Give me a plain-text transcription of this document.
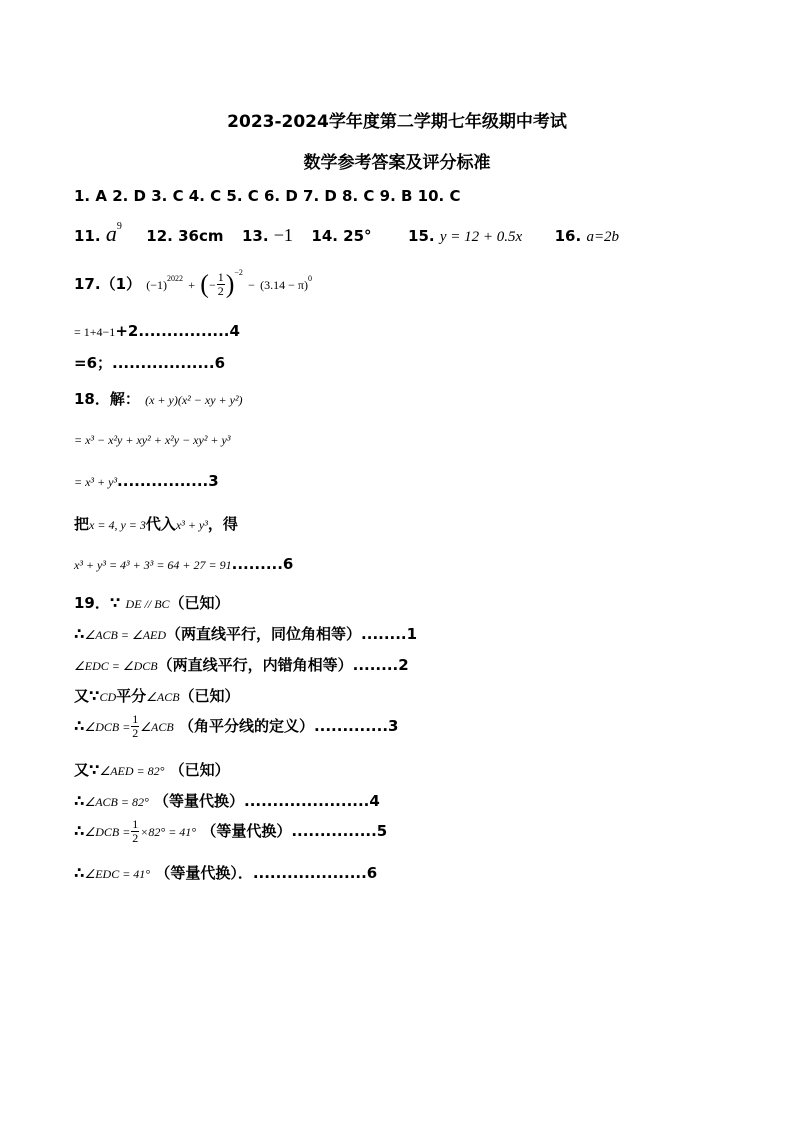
2023-2024学年度第二学期七年级期中考试
数学参考答案及评分标准
1. A 2. D 3. C 4. C 5. C 6. D 7. D 8. C 9. B 10. C
11. $a^9$  12. 36cm 13. −1 14. 25° 15. y = 12 + 0.5x 16. a=2b
17.（1） $(-1)^{2022}$ + (− $\frac{1}{2} )^{-2} - (3.14 - \pi)^0$
= 1+4−1+2................4
=6；..................6
18．解： (x + y)(x² − xy + y²)
= x³ − x²y + xy² + x²y − xy² + y³
= x³ + y³................3
把x = 4, y = 3代入x³ + y³，得
x³ + y³ = 4³ + 3³ = 64 + 27 = 91.........6
19．∵ DE // BC（已知）
∴∠ACB = ∠AED（两直线平行，同位角相等）........1
∠EDC = ∠DCB（两直线平行，内错角相等）........2
又∵CD平分∠ACB（已知）
∴∠DCB = $\frac{1}{2}$ ∠ACB （角平分线的定义）.............3
又∵∠AED = 82° （已知）
∴∠ACB = 82° （等量代换）......................4
∴∠DCB = $\frac{1}{2} \times 82^\circ = 41^\circ$ （等量代换）...............5
∴∠EDC = 41° （等量代换）．....................6
